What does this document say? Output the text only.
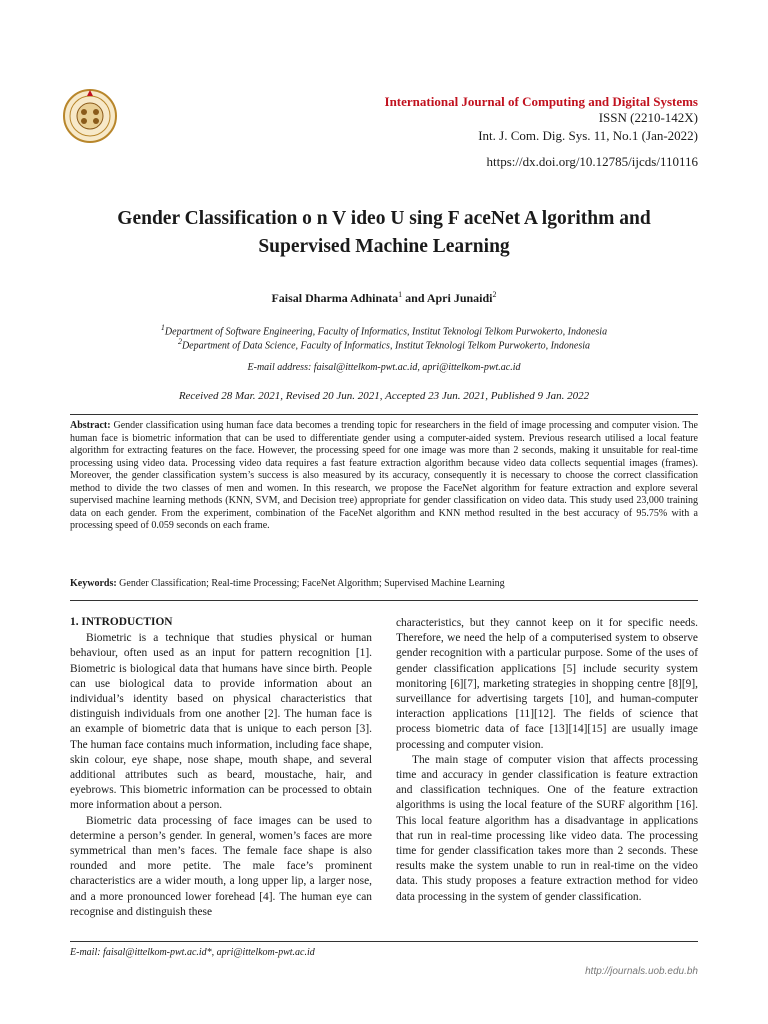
International Journal of Computing and Digital Systems
ISSN (2210-142X)
Int. J. Com. Dig. Sys. 11, No.1 (Jan-2022)
https://dx.doi.org/10.12785/ijcds/110116
Gender Classification o n V ideo U sing F aceNet A lgorithm and
Supervised Machine Learning
Faisal Dharma Adhinata$^1$ and Apri Junaidi$^2$
$^1$Department of Software Engineering, Faculty of Informatics, Institut Teknologi Telkom Purwokerto, Indonesia
$^2$Department of Data Science, Faculty of Informatics, Institut Teknologi Telkom Purwokerto, Indonesia
E-mail address: faisal@ittelkom-pwt.ac.id, apri@ittelkom-pwt.ac.id
Received 28 Mar. 2021, Revised 20 Jun. 2021, Accepted 23 Jun. 2021, Published 9 Jan. 2022
Abstract: Gender classification using human face data becomes a trending topic for researchers in the field of image processing and computer vision. The human face is biometric information that can be used to differentiate gender using a computer-aided system. Previous research utilised a local feature algorithm for extracting features on the face. However, the processing speed for one image was more than 2 seconds, making it unsuitable for real-time processing using video data. Processing video data requires a fast feature extraction algorithm because video data collects sequential images (frames). Moreover, the gender classification system’s success is also measured by its accuracy, consequently it is necessary to choose the correct classification method to divide the two classes of men and women. In this research, we propose the FaceNet algorithm for feature extraction and explore several supervised machine learning methods (KNN, SVM, and Decision tree) appropriate for gender classification on video data. This study used 23,000 training data on each gender. From the experiment, combination of the FaceNet algorithm and KNN method resulted in the best accuracy of 95.75% with a processing speed of 0.059 seconds on each frame.
Keywords: Gender Classification; Real-time Processing; FaceNet Algorithm; Supervised Machine Learning
1. INTRODUCTION

Biometric is a technique that studies physical or human behaviour, often used as an input for pattern recognition [1]. Biometric is biological data that humans have since birth. People can use biological data to provide information about an individual’s identity based on physical characteristics that distinguish individuals from one another [2]. The human face is an example of biometric data that is unique to each person [3]. The human face contains much information, including face shape, skin colour, eye shape, nose shape, mouth shape, and several additional attributes such as beard, moustache, hair, and eyebrows. This biometric information can be processed to obtain more information about a person.

Biometric data processing of face images can be used to determine a person’s gender. In general, women’s faces are more symmetrical than men’s faces. The female face shape is also rounded and more petite. The male face’s prominent characteristics are a wider mouth, a long upper lip, a larger nose, and a more pronounced lower forehead [4]. The human eye can recognise and distinguish these

characteristics, but they cannot keep on it for specific needs. Therefore, we need the help of a computerised system to observe gender recognition with a particular purpose. Some of the uses of gender classification applications [5] include security system monitoring [6][7], marketing strategies in shopping centre [8][9], surveillance for advertising targets [10], and human-computer interaction applications [11][12]. The fields of science that process biometric data of face [13][14][15] are usually image processing and computer vision.

The main stage of computer vision that affects processing time and accuracy in gender classification is feature extraction and classification techniques. One of the feature extraction algorithms is using the local feature of the SURF algorithm [16]. This local feature algorithm has a disadvantage in applications that run in real-time processing like video data. The processing time for gender classification takes more than 2 seconds. These results make the system unable to run in real-time on the video data. This study proposes a feature extraction method for video data processing in the system of gender classification.

E-mail: faisal@ittelkom-pwt.ac.id*, apri@ittelkom-pwt.ac.id
http://journals.uob.edu.bh
